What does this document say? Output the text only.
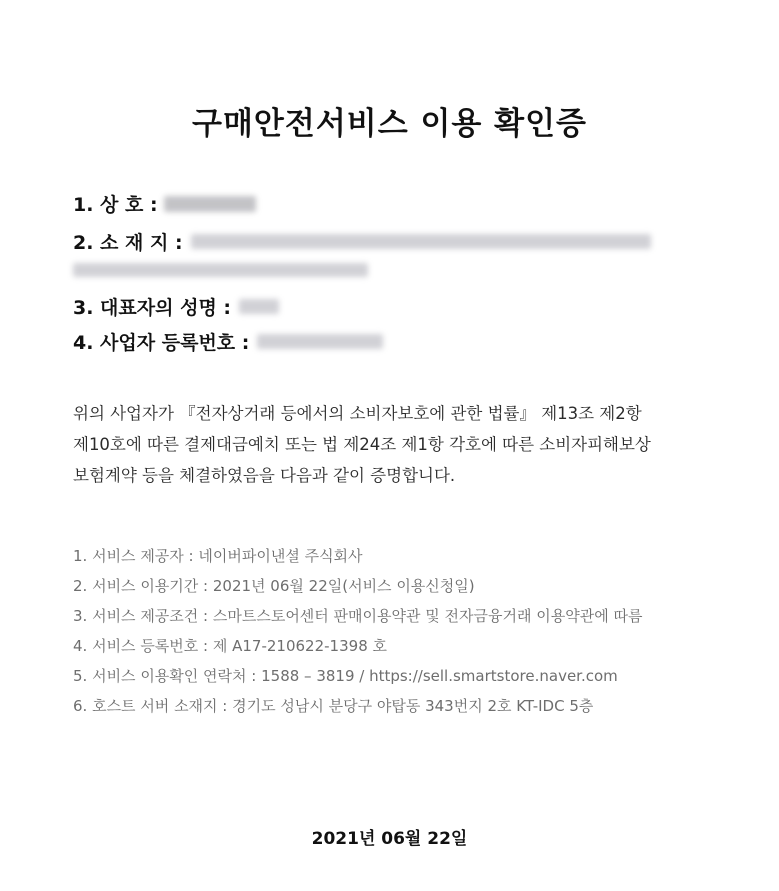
구매안전서비스 이용 확인증
1. 상 호 :
2. 소 재 지 :
3. 대표자의 성명 :
4. 사업자 등록번호 :
위의 사업자가 『전자상거래 등에서의 소비자보호에 관한 법률』 제13조 제2항
제10호에 따른 결제대금예치 또는 법 제24조 제1항 각호에 따른 소비자피해보상
보험계약 등을 체결하였음을 다음과 같이 증명합니다.
1. 서비스 제공자 : 네이버파이낸셜 주식회사
2. 서비스 이용기간 : 2021년 06월 22일(서비스 이용신청일)
3. 서비스 제공조건 : 스마트스토어센터 판매이용약관 및 전자금융거래 이용약관에 따름
4. 서비스 등록번호 : 제 A17-210622-1398 호
5. 서비스 이용확인 연락처 : 1588 – 3819 / https://sell.smartstore.naver.com
6. 호스트 서버 소재지 : 경기도 성남시 분당구 야탑동 343번지 2호 KT-IDC 5층
2021년 06월 22일
